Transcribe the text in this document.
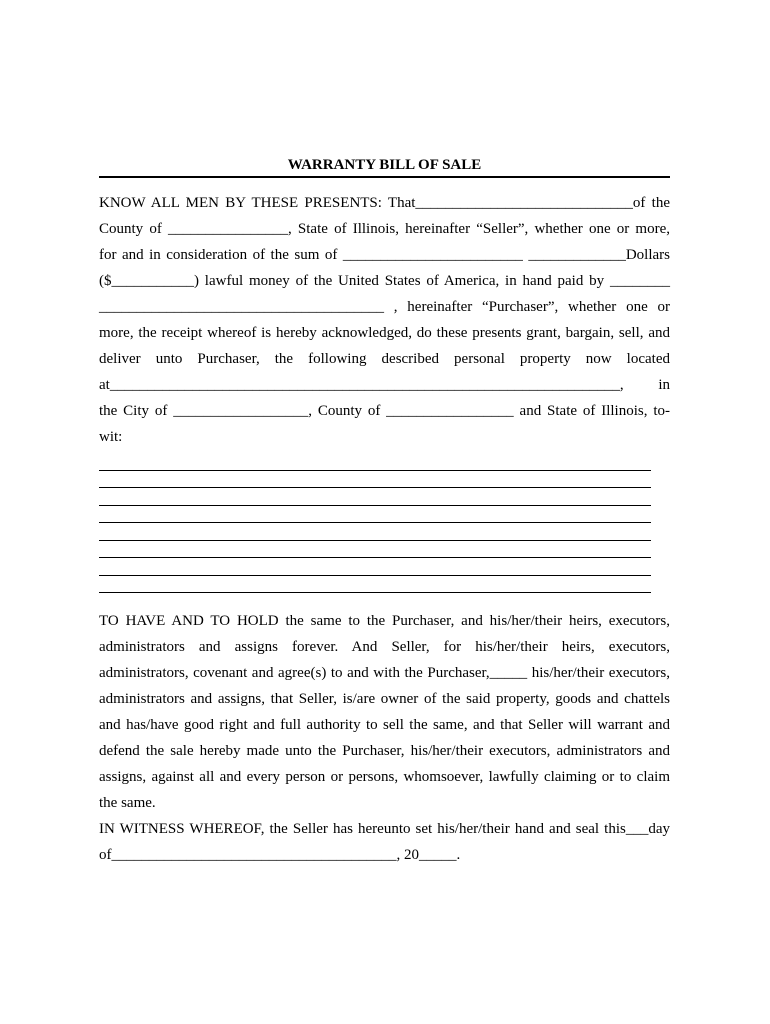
WARRANTY BILL OF SALE

KNOW ALL MEN BY THESE PRESENTS: That_____________________________of the

County of ________________, State of Illinois, hereinafter “Seller”, whether one or more,

for and in consideration of the sum of ________________________ _____________Dollars

($___________) lawful money of the United States of America, in hand paid by ________

______________________________________ , hereinafter “Purchaser”, whether one or

more, the receipt whereof is hereby acknowledged, do these presents grant, bargain, sell, and

deliver unto Purchaser, the following described personal property now located

at____________________________________________________________________, in

the City of __________________, County of _________________ and State of Illinois, to-

wit:

TO HAVE AND TO HOLD the same to the Purchaser, and his/her/their heirs, executors,

administrators and assigns forever. And Seller, for his/her/their heirs, executors,

administrators, covenant and agree(s) to and with the Purchaser,_____ his/her/their executors,

administrators and assigns, that Seller, is/are owner of the said property, goods and chattels

and has/have good right and full authority to sell the same, and that Seller will warrant and

defend the sale hereby made unto the Purchaser, his/her/their executors, administrators and

assigns, against all and every person or persons, whomsoever, lawfully claiming or to claim

the same.

IN WITNESS WHEREOF, the Seller has hereunto set his/her/their hand and seal this___day

of______________________________________, 20_____.
